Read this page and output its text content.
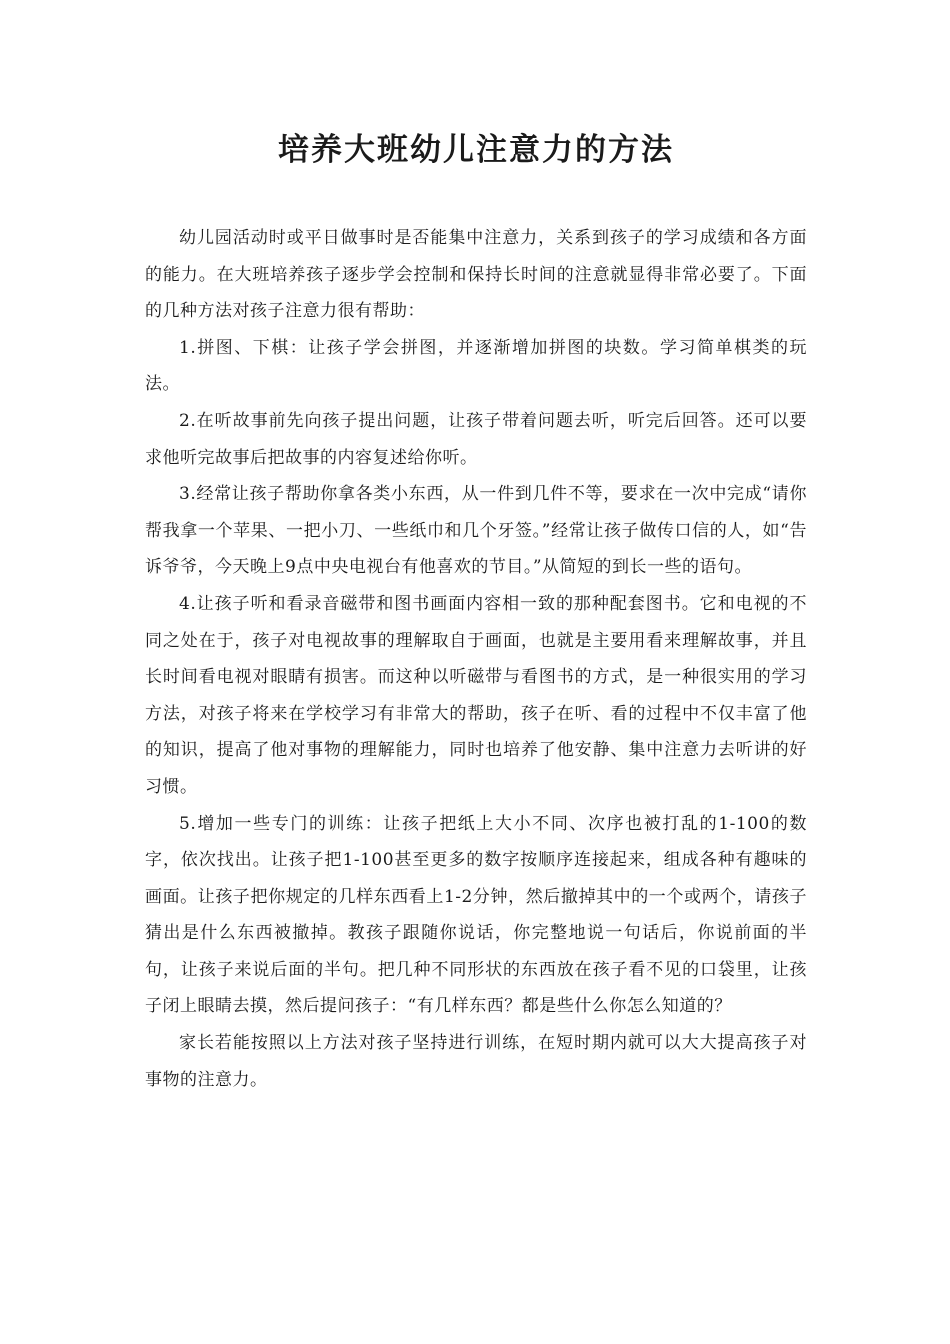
培养大班幼儿注意力的方法

幼儿园活动时或平日做事时是否能集中注意力，关系到孩子的学习成绩和各方面的能力。在大班培养孩子逐步学会控制和保持长时间的注意就显得非常必要了。下面的几种方法对孩子注意力很有帮助：

1.拼图、下棋：让孩子学会拼图，并逐渐增加拼图的块数。学习简单棋类的玩法。

2.在听故事前先向孩子提出问题，让孩子带着问题去听，听完后回答。还可以要求他听完故事后把故事的内容复述给你听。

3.经常让孩子帮助你拿各类小东西，从一件到几件不等，要求在一次中完成“请你帮我拿一个苹果、一把小刀、一些纸巾和几个牙签。”经常让孩子做传口信的人，如“告诉爷爷，今天晚上9点中央电视台有他喜欢的节目。”从简短的到长一些的语句。

4.让孩子听和看录音磁带和图书画面内容相一致的那种配套图书。它和电视的不同之处在于，孩子对电视故事的理解取自于画面，也就是主要用看来理解故事，并且长时间看电视对眼睛有损害。而这种以听磁带与看图书的方式，是一种很实用的学习方法，对孩子将来在学校学习有非常大的帮助，孩子在听、看的过程中不仅丰富了他的知识，提高了他对事物的理解能力，同时也培养了他安静、集中注意力去听讲的好习惯。

5.增加一些专门的训练：让孩子把纸上大小不同、次序也被打乱的1-100的数字，依次找出。让孩子把1-100甚至更多的数字按顺序连接起来，组成各种有趣味的画面。让孩子把你规定的几样东西看上1-2分钟，然后撤掉其中的一个或两个，请孩子猜出是什么东西被撤掉。教孩子跟随你说话，你完整地说一句话后，你说前面的半句，让孩子来说后面的半句。把几种不同形状的东西放在孩子看不见的口袋里，让孩子闭上眼睛去摸，然后提问孩子：“有几样东西？都是些什么你怎么知道的？

家长若能按照以上方法对孩子坚持进行训练，在短时期内就可以大大提高孩子对事物的注意力。
